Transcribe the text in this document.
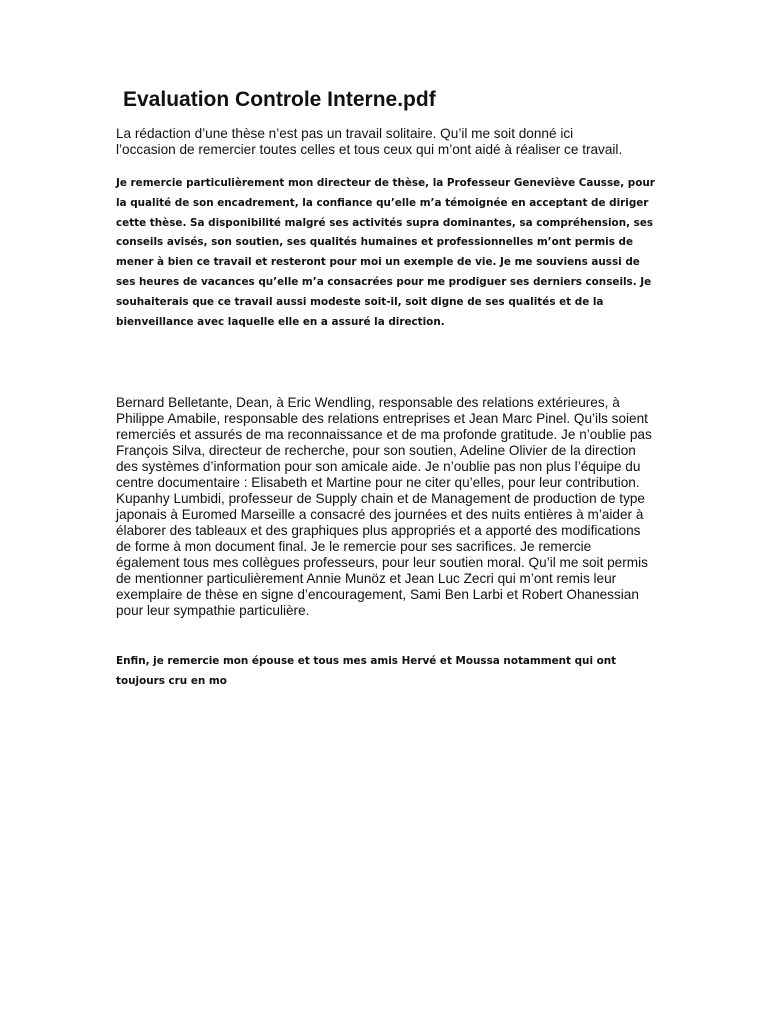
Evaluation Controle Interne.pdf

La rédaction d’une thèse n’est pas un travail solitaire. Qu’il me soit donné ici l’occasion de remercier toutes celles et tous ceux qui m’ont aidé à réaliser ce travail.

Je remercie particulièrement mon directeur de thèse, la Professeur Geneviève Causse, pour la qualité de son encadrement, la confiance qu’elle m’a témoignée en acceptant de diriger cette thèse. Sa disponibilité malgré ses activités supra dominantes, sa compréhension, ses conseils avisés, son soutien, ses qualités humaines et professionnelles m’ont permis de mener à bien ce travail et resteront pour moi un exemple de vie. Je me souviens aussi de ses heures de vacances qu’elle m’a consacrées pour me prodiguer ses derniers conseils. Je souhaiterais que ce travail aussi modeste soit-il, soit digne de ses qualités et de la bienveillance avec laquelle elle en a assuré la direction.

Bernard Belletante, Dean, à Eric Wendling, responsable des relations extérieures, à Philippe Amabile, responsable des relations entreprises et Jean Marc Pinel. Qu’ils soient remerciés et assurés de ma reconnaissance et de ma profonde gratitude. Je n’oublie pas François Silva, directeur de recherche, pour son soutien, Adeline Olivier de la direction des systèmes d’information pour son amicale aide. Je n’oublie pas non plus l’équipe du centre documentaire : Elisabeth et Martine pour ne citer qu’elles, pour leur contribution. Kupanhy Lumbidi, professeur de Supply chain et de Management de production de type japonais à Euromed Marseille a consacré des journées et des nuits entières à m’aider à élaborer des tableaux et des graphiques plus appropriés et a apporté des modifications de forme à mon document final. Je le remercie pour ses sacrifices. Je remercie également tous mes collègues professeurs, pour leur soutien moral. Qu’il me soit permis de mentionner particulièrement Annie Munöz et Jean Luc Zecri qui m’ont remis leur exemplaire de thèse en signe d’encouragement, Sami Ben Larbi et Robert Ohanessian pour leur sympathie particulière.

Enfin, je remercie mon épouse et tous mes amis Hervé et Moussa notamment qui ont toujours cru en mo
